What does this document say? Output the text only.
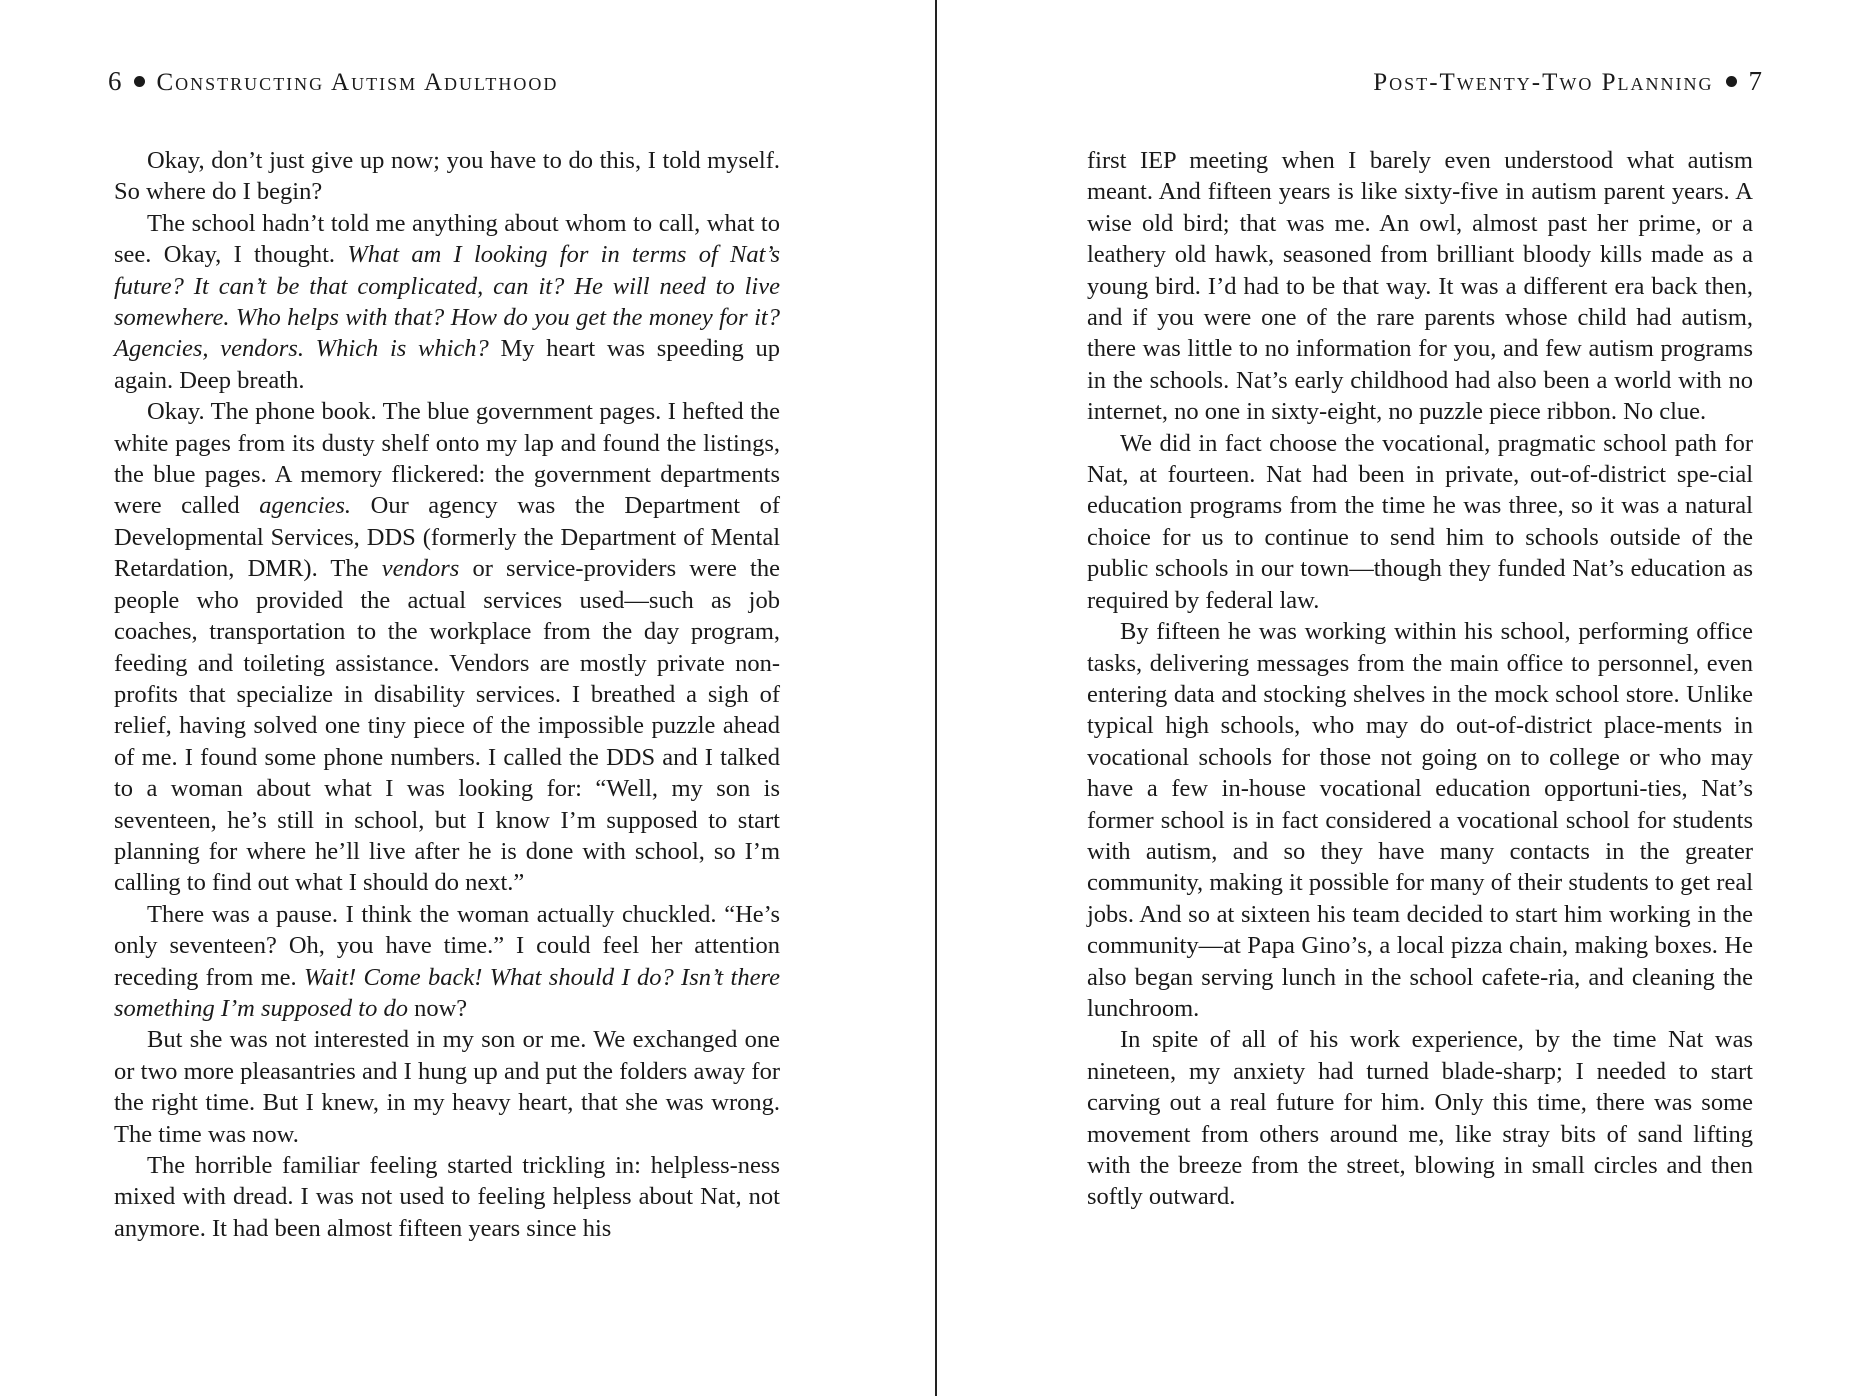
6 Constructing Autism Adulthood

Okay, don’t just give up now; you have to do this, I told myself. So where do I begin?

The school hadn’t told me anything about whom to call, what to see. Okay, I thought. What am I looking for in terms of Nat’s future? It can’t be that complicated, can it? He will need to live somewhere. Who helps with that? How do you get the money for it? Agencies, vendors. Which is which? My heart was speeding up again. Deep breath.

Okay. The phone book. The blue government pages. I hefted the white pages from its dusty shelf onto my lap and found the listings, the blue pages. A memory flickered: the government departments were called agencies. Our agency was the Department of Developmental Services, DDS (formerly the Department of Mental Retardation, DMR). The vendors or service-providers were the people who provided the actual services used—such as job coaches, transportation to the workplace from the day program, feeding and toileting assistance. Vendors are mostly private non-profits that specialize in disability services. I breathed a sigh of relief, having solved one tiny piece of the impossible puzzle ahead of me. I found some phone numbers. I called the DDS and I talked to a woman about what I was looking for: “Well, my son is seventeen, he’s still in school, but I know I’m supposed to start planning for where he’ll live after he is done with school, so I’m calling to find out what I should do next.”

There was a pause. I think the woman actually chuckled. “He’s only seventeen? Oh, you have time.” I could feel her attention receding from me. Wait! Come back! What should I do? Isn’t there something I’m supposed to do now?

But she was not interested in my son or me. We exchanged one or two more pleasantries and I hung up and put the folders away for the right time. But I knew, in my heavy heart, that she was wrong. The time was now.

The horrible familiar feeling started trickling in: helpless-ness mixed with dread. I was not used to feeling helpless about Nat, not anymore. It had been almost fifteen years since his

Post-Twenty-Two Planning 7

first IEP meeting when I barely even understood what autism meant. And fifteen years is like sixty-five in autism parent years. A wise old bird; that was me. An owl, almost past her prime, or a leathery old hawk, seasoned from brilliant bloody kills made as a young bird. I’d had to be that way. It was a different era back then, and if you were one of the rare parents whose child had autism, there was little to no information for you, and few autism programs in the schools. Nat’s early childhood had also been a world with no internet, no one in sixty-eight, no puzzle piece ribbon. No clue.

We did in fact choose the vocational, pragmatic school path for Nat, at fourteen. Nat had been in private, out-of-district spe-cial education programs from the time he was three, so it was a natural choice for us to continue to send him to schools outside of the public schools in our town—though they funded Nat’s education as required by federal law.

By fifteen he was working within his school, performing office tasks, delivering messages from the main office to personnel, even entering data and stocking shelves in the mock school store. Unlike typical high schools, who may do out-of-district place-ments in vocational schools for those not going on to college or who may have a few in-house vocational education opportuni-ties, Nat’s former school is in fact considered a vocational school for students with autism, and so they have many contacts in the greater community, making it possible for many of their students to get real jobs. And so at sixteen his team decided to start him working in the community—at Papa Gino’s, a local pizza chain, making boxes. He also began serving lunch in the school cafete-ria, and cleaning the lunchroom.

In spite of all of his work experience, by the time Nat was nineteen, my anxiety had turned blade-sharp; I needed to start carving out a real future for him. Only this time, there was some movement from others around me, like stray bits of sand lifting with the breeze from the street, blowing in small circles and then softly outward.
